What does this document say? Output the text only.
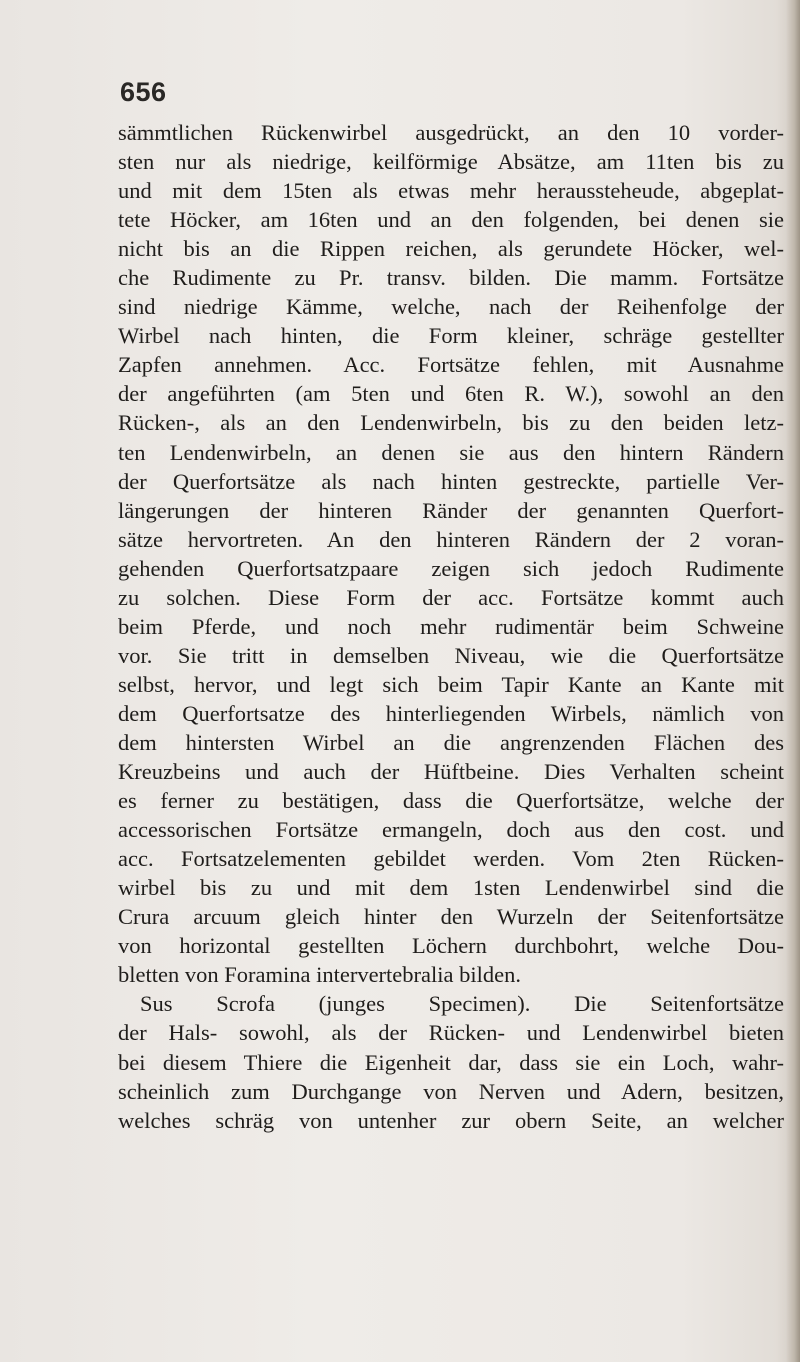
656
sämmtlichen Rückenwirbel ausgedrückt, an den 10 vorder-
sten nur als niedrige, keilförmige Absätze, am 11ten bis zu
und mit dem 15ten als etwas mehr heraussteheude, abgeplat-
tete Höcker, am 16ten und an den folgenden, bei denen sie
nicht bis an die Rippen reichen, als gerundete Höcker, wel-
che Rudimente zu Pr. transv. bilden. Die mamm. Fortsätze
sind niedrige Kämme, welche, nach der Reihenfolge der
Wirbel nach hinten, die Form kleiner, schräge gestellter
Zapfen annehmen. Acc. Fortsätze fehlen, mit Ausnahme
der angeführten (am 5ten und 6ten R. W.), sowohl an den
Rücken-, als an den Lendenwirbeln, bis zu den beiden letz-
ten Lendenwirbeln, an denen sie aus den hintern Rändern
der Querfortsätze als nach hinten gestreckte, partielle Ver-
längerungen der hinteren Ränder der genannten Querfort-
sätze hervortreten. An den hinteren Rändern der 2 voran-
gehenden Querfortsatzpaare zeigen sich jedoch Rudimente
zu solchen. Diese Form der acc. Fortsätze kommt auch
beim Pferde, und noch mehr rudimentär beim Schweine
vor. Sie tritt in demselben Niveau, wie die Querfortsätze
selbst, hervor, und legt sich beim Tapir Kante an Kante mit
dem Querfortsatze des hinterliegenden Wirbels, nämlich von
dem hintersten Wirbel an die angrenzenden Flächen des
Kreuzbeins und auch der Hüftbeine. Dies Verhalten scheint
es ferner zu bestätigen, dass die Querfortsätze, welche der
accessorischen Fortsätze ermangeln, doch aus den cost. und
acc. Fortsatzelementen gebildet werden. Vom 2ten Rücken-
wirbel bis zu und mit dem 1sten Lendenwirbel sind die
Crura arcuum gleich hinter den Wurzeln der Seitenfortsätze
von horizontal gestellten Löchern durchbohrt, welche Dou-
bletten von Foramina intervertebralia bilden.
Sus Scrofa (junges Specimen). Die Seitenfortsätze
der Hals- sowohl, als der Rücken- und Lendenwirbel bieten
bei diesem Thiere die Eigenheit dar, dass sie ein Loch, wahr-
scheinlich zum Durchgange von Nerven und Adern, besitzen,
welches schräg von untenher zur obern Seite, an welcher
